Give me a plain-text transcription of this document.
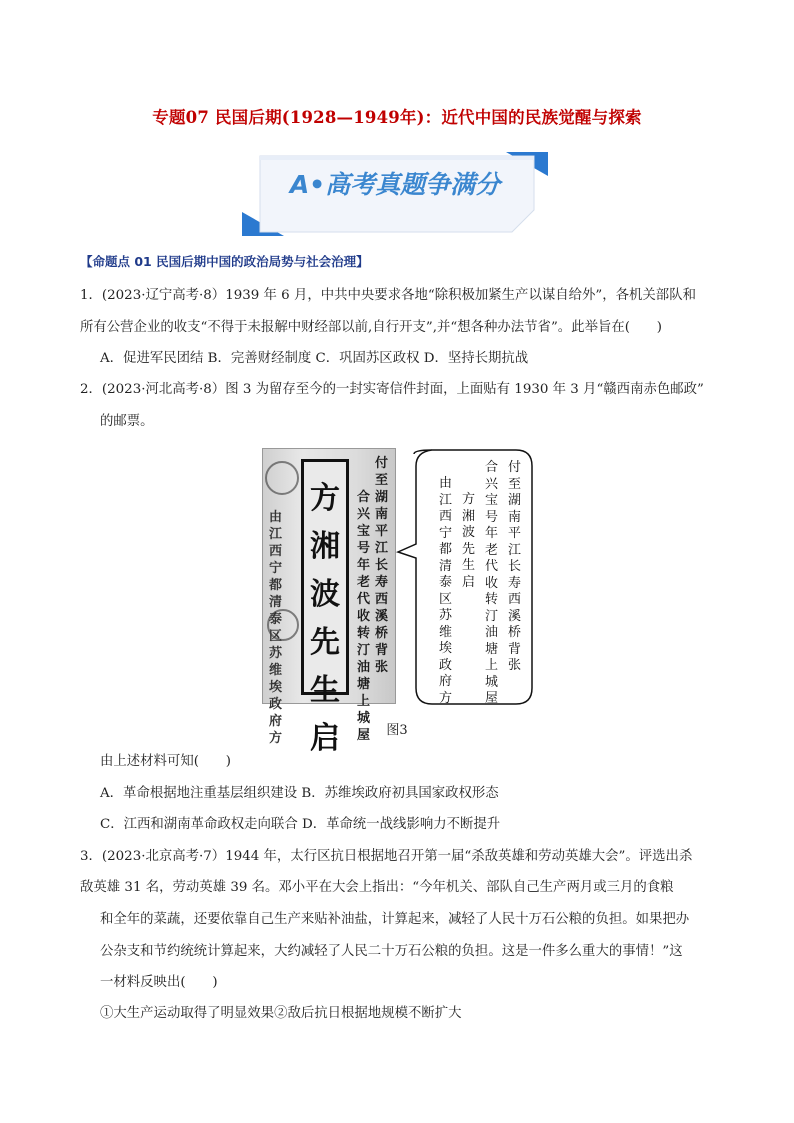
专题07 民国后期(1928—1949年)：近代中国的民族觉醒与探索
A•高考真题争满分
【命题点 01 民国后期中国的政治局势与社会治理】
1．(2023·辽宁高考·8）1939 年 6 月，中共中央要求各地“除积极加紧生产以谋自给外”，各机关部队和
所有公营企业的收支“不得于未报解中财经部以前,自行开支”,并“想各种办法节省”。此举旨在(　　)
A．促进军民团结 B．完善财经制度 C．巩固苏区政权 D．坚持长期抗战
2．(2023·河北高考·8）图 3 为留存至今的一封实寄信件封面，上面贴有 1930 年 3 月“赣西南赤色邮政”
的邮票。
由江西宁都清泰区苏维埃政府方
方湘波先生启
付至湖南平江长寿西溪桥背张
合兴宝号年老代收转汀油塘上城屋
付至湖南平江长寿西溪桥背张
合兴宝号年老代收转汀油塘上城屋
方湘波先生启
由江西宁都清泰区苏维埃政府方
图3
由上述材料可知(　　)
A．革命根据地注重基层组织建设 B．苏维埃政府初具国家政权形态
C．江西和湖南革命政权走向联合 D．革命统一战线影响力不断提升
3．(2023·北京高考·7）1944 年，太行区抗日根据地召开第一届“杀敌英雄和劳动英雄大会”。评选出杀
敌英雄 31 名，劳动英雄 39 名。邓小平在大会上指出：“今年机关、部队自己生产两月或三月的食粮
和全年的菜蔬，还要依靠自己生产来贴补油盐，计算起来，减轻了人民十万石公粮的负担。如果把办
公杂支和节约统统计算起来，大约减轻了人民二十万石公粮的负担。这是一件多么重大的事情！”这
一材料反映出(　　)
①大生产运动取得了明显效果②敌后抗日根据地规模不断扩大
